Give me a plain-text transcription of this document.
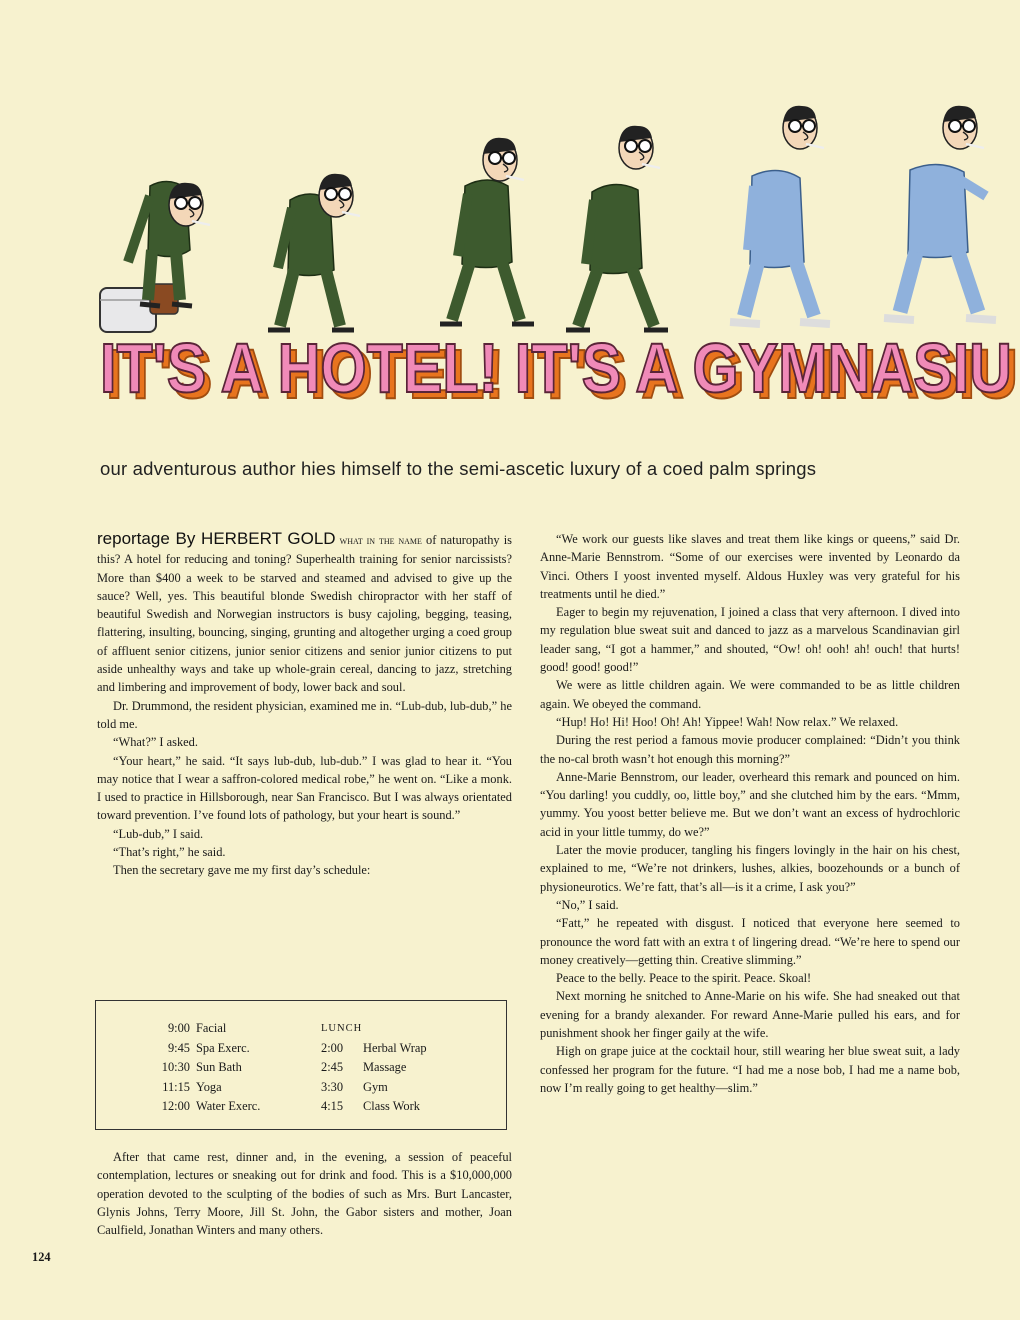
IT'S A HOTEL! IT'S A GYMNASIU
IT'S A HOTEL! IT'S A GYMNASIU
our adventurous author hies himself to the semi-ascetic luxury of a coed palm springs

reportage By HERBERT GOLD what in the name of naturopathy is this? A hotel for reducing and toning? Superhealth training for senior narcissists? More than $400 a week to be starved and steamed and advised to give up the sauce? Well, yes. This beautiful blonde Swedish chiropractor with her staff of beautiful Swedish and Norwegian instructors is busy cajoling, begging, teasing, flattering, insulting, bouncing, singing, grunting and altogether urging a coed group of affluent senior citizens, junior senior citizens and senior junior citizens to put aside unhealthy ways and take up whole-grain cereal, dancing to jazz, stretching and limbering and improvement of body, lower back and soul.

Dr. Drummond, the resident physician, examined me in. “Lub-dub, lub-dub,” he told me.

“What?” I asked.

“Your heart,” he said. “It says lub-dub, lub-dub.” I was glad to hear it. “You may notice that I wear a saffron-colored medical robe,” he went on. “Like a monk. I used to practice in Hillsborough, near San Francisco. But I was always orientated toward prevention. I’ve found lots of pathology, but your heart is sound.”

“Lub-dub,” I said.

“That’s right,” he said.

Then the secretary gave me my first day’s schedule:

9:00 Facial
9:45 Spa Exerc.
10:30 Sun Bath
11:15 Yoga
12:00 Water Exerc.
LUNCH
2:00 Herbal Wrap
2:45 Massage
3:30 Gym
4:15 Class Work

After that came rest, dinner and, in the evening, a session of peaceful contemplation, lectures or sneaking out for drink and food. This is a $10,000,000 operation devoted to the sculpting of the bodies of such as Mrs. Burt Lancaster, Glynis Johns, Terry Moore, Jill St. John, the Gabor sisters and mother, Joan Caulfield, Jonathan Winters and many others.

“We work our guests like slaves and treat them like kings or queens,” said Dr. Anne-Marie Bennstrom. “Some of our exercises were invented by Leonardo da Vinci. Others I yoost invented myself. Aldous Huxley was very grateful for his treatments until he died.”

Eager to begin my rejuvenation, I joined a class that very afternoon. I dived into my regulation blue sweat suit and danced to jazz as a marvelous Scandinavian girl leader sang, “I got a hammer,” and shouted, “Ow! oh! ooh! ah! ouch! that hurts! good! good! good!”

We were as little children again. We were commanded to be as little children again. We obeyed the command.

“Hup! Ho! Hi! Hoo! Oh! Ah! Yippee! Wah! Now relax.” We relaxed.

During the rest period a famous movie producer complained: “Didn’t you think the no-cal broth wasn’t hot enough this morning?”

Anne-Marie Bennstrom, our leader, overheard this remark and pounced on him. “You darling! you cuddly, oo, little boy,” and she clutched him by the ears. “Mmm, yummy. You yoost better believe me. But we don’t want an excess of hydrochloric acid in your little tummy, do we?”

Later the movie producer, tangling his fingers lovingly in the hair on his chest, explained to me, “We’re not drinkers, lushes, alkies, boozehounds or a bunch of physioneurotics. We’re fatt, that’s all—is it a crime, I ask you?”

“No,” I said.

“Fatt,” he repeated with disgust. I noticed that everyone here seemed to pronounce the word fatt with an extra t of lingering dread. “We’re here to spend our money creatively—getting thin. Creative slimming.”

Peace to the belly. Peace to the spirit. Peace. Skoal!

Next morning he snitched to Anne-Marie on his wife. She had sneaked out that evening for a brandy alexander. For reward Anne-Marie pulled his ears, and for punishment shook her finger gaily at the wife.

High on grape juice at the cocktail hour, still wearing her blue sweat suit, a lady confessed her program for the future. “I had me a nose bob, I had me a name bob, now I’m really going to get healthy—slim.”

124
